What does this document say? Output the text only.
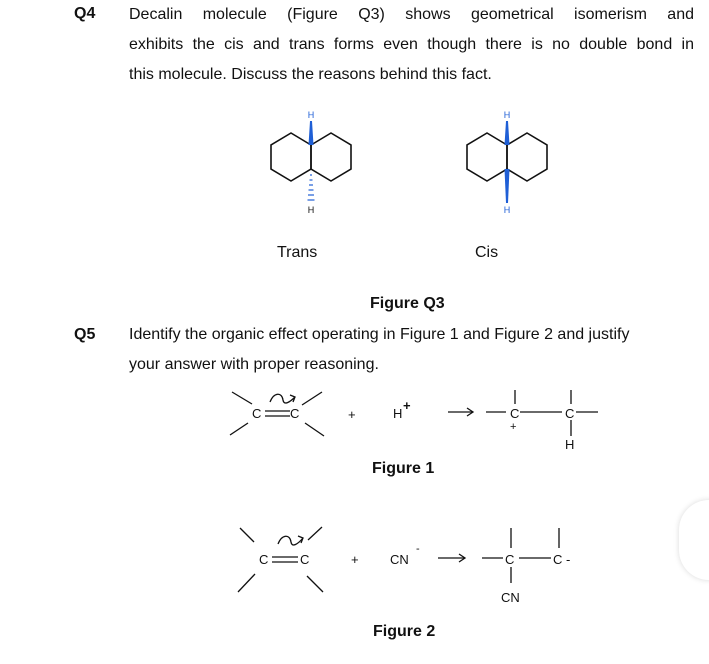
Q4 Decalin molecule (Figure Q3) shows geometrical isomerism and
exhibits the cis and trans forms even though there is no double bond in
this molecule. Discuss the reasons behind this fact.
H
H
H
H
Trans	Cis
Figure Q3
Q5 Identify the organic effect operating in Figure 1 and Figure 2 and justify
your answer with proper reasoning.
C C	+	H
+
C
+
C
H
Figure 1
C C	+ CN
-
C	C -
CN
Figure 2
